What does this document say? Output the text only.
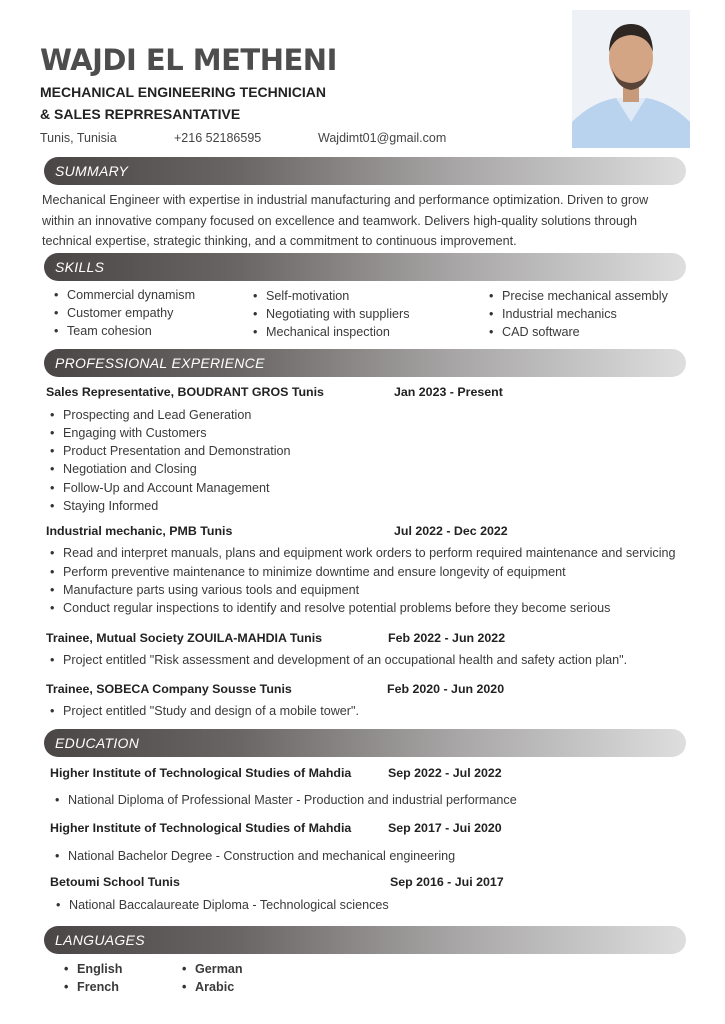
WAJDI EL METHENI
MECHANICAL ENGINEERING TECHNICIAN
& SALES REPRRESANTATIVE
Tunis, Tunisia	+216 52186595	Wajdimt01@gmail.com
SUMMARY
Mechanical Engineer with expertise in industrial manufacturing and performance optimization. Driven to grow
within an innovative company focused on excellence and teamwork. Delivers high-quality solutions through
technical expertise, strategic thinking, and a commitment to continuous improvement.
SKILLS
• Commercial dynamism
• Customer empathy
• Team cohesion
• Self-motivation
• Negotiating with suppliers
• Mechanical inspection
• Precise mechanical assembly
• Industrial mechanics
• CAD software
PROFESSIONAL EXPERIENCE
Sales Representative, BOUDRANT GROS Tunis	Jan 2023 - Present
• Prospecting and Lead Generation
• Engaging with Customers
• Product Presentation and Demonstration
• Negotiation and Closing
• Follow-Up and Account Management
• Staying Informed
Industrial mechanic, PMB Tunis	Jul 2022 - Dec 2022
• Read and interpret manuals, plans and equipment work orders to perform required maintenance and servicing
• Perform preventive maintenance to minimize downtime and ensure longevity of equipment
• Manufacture parts using various tools and equipment
• Conduct regular inspections to identify and resolve potential problems before they become serious
Trainee, Mutual Society ZOUILA-MAHDIA Tunis	Feb 2022 - Jun 2022
• Project entitled "Risk assessment and development of an occupational health and safety action plan".
Trainee, SOBECA Company Sousse Tunis	Feb 2020 - Jun 2020
• Project entitled "Study and design of a mobile tower".
EDUCATION
Higher Institute of Technological Studies of Mahdia	Sep 2022 - Jul 2022
• National Diploma of Professional Master - Production and industrial performance
Higher Institute of Technological Studies of Mahdia	Sep 2017 - Jui 2020
• National Bachelor Degree - Construction and mechanical engineering
Betoumi School Tunis	Sep 2016 - Jui 2017
• National Baccalaureate Diploma - Technological sciences
LANGUAGES
• English
• French
• German
• Arabic
